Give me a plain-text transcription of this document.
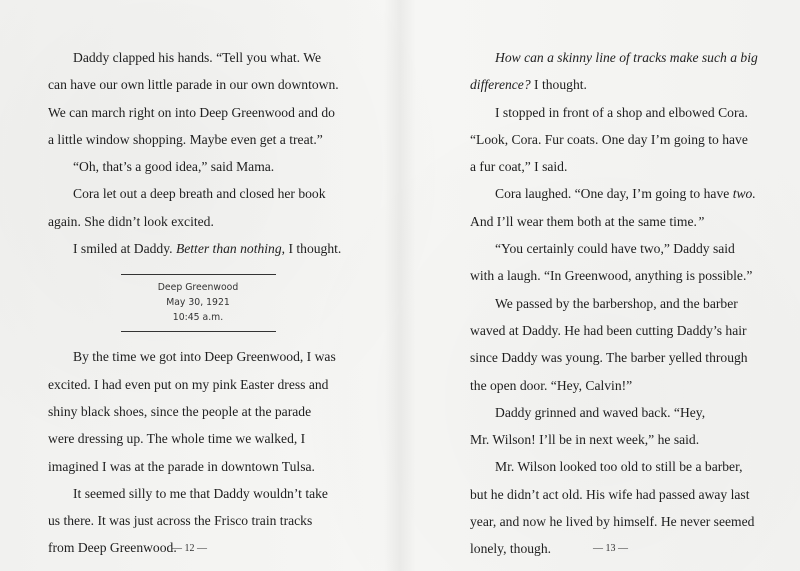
Daddy clapped his hands. “Tell you what. We

can have our own little parade in our own downtown.

We can march right on into Deep Greenwood and do

a little window shopping. Maybe even get a treat.”

“Oh, that’s a good idea,” said Mama.

Cora let out a deep breath and closed her book

again. She didn’t look excited.

I smiled at Daddy. Better than nothing, I thought.

Deep Greenwood
May 30, 1921
10:45 a.m.

By the time we got into Deep Greenwood, I was

excited. I had even put on my pink Easter dress and

shiny black shoes, since the people at the parade

were dressing up. The whole time we walked, I

imagined I was at the parade in downtown Tulsa.

It seemed silly to me that Daddy wouldn’t take

us there. It was just across the Frisco train tracks

from Deep Greenwood.

How can a skinny line of tracks make such a big

difference? I thought.

I stopped in front of a shop and elbowed Cora.

“Look, Cora. Fur coats. One day I’m going to have

a fur coat,” I said.

Cora laughed. “One day, I’m going to have two.

And I’ll wear them both at the same time.”

“You certainly could have two,” Daddy said

with a laugh. “In Greenwood, anything is possible.”

We passed by the barbershop, and the barber

waved at Daddy. He had been cutting Daddy’s hair

since Daddy was young. The barber yelled through

the open door. “Hey, Calvin!”

Daddy grinned and waved back. “Hey,

Mr. Wilson! I’ll be in next week,” he said.

Mr. Wilson looked too old to still be a barber,

but he didn’t act old. His wife had passed away last

year, and now he lived by himself. He never seemed

lonely, though.

— 12 —	— 13 —
